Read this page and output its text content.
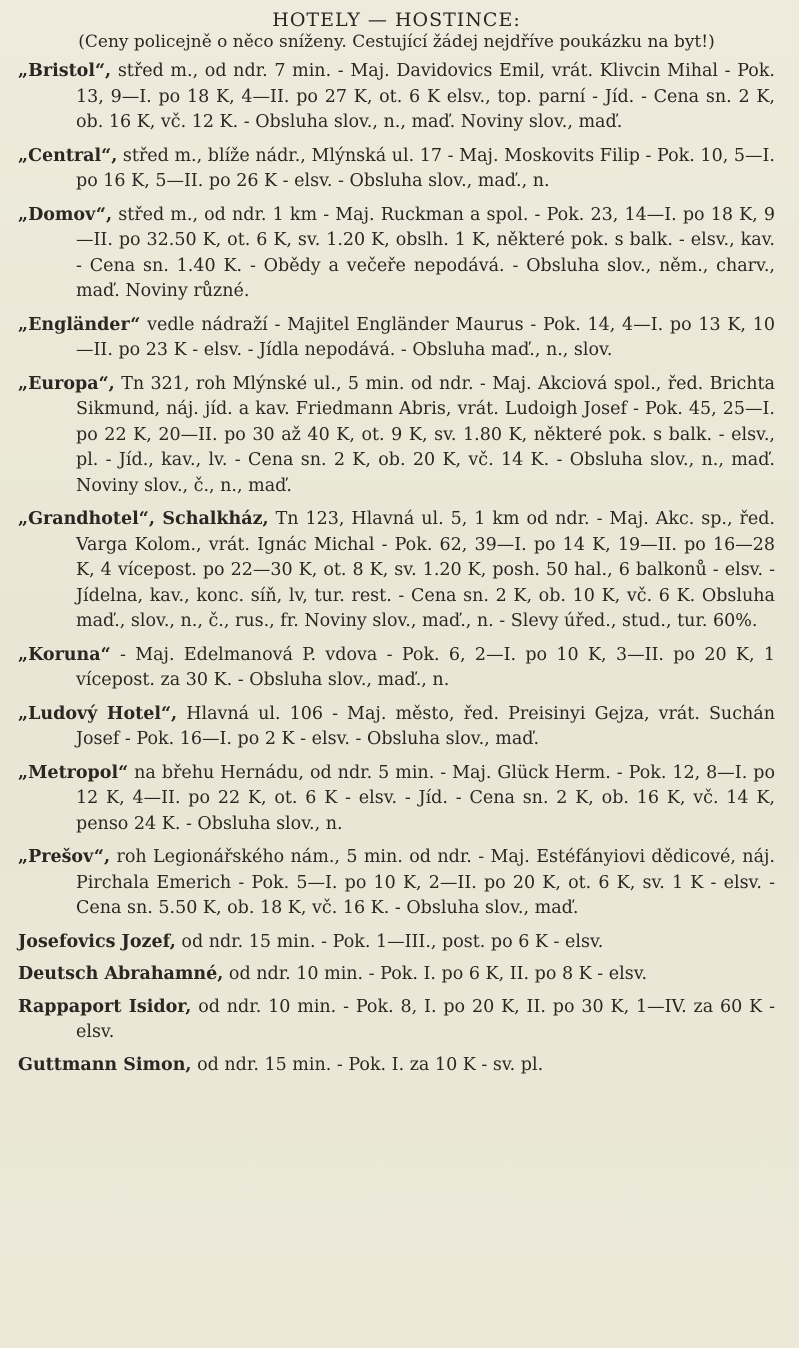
HOTELY — HOSTINCE:

(Ceny policejně o něco sníženy. Cestující žádej nejdříve poukázku na byt!)

„Bristol“, střed m., od ndr. 7 min. - Maj. Davidovics Emil, vrát. Klivcin Mihal - Pok. 13, 9—I. po 18 K, 4—II. po 27 K, ot. 6 K elsv., top. parní - Jíd. - Cena sn. 2 K, ob. 16 K, vč. 12 K. - Obsluha slov., n., maď. Noviny slov., maď.

„Central“, střed m., blíže nádr., Mlýnská ul. 17 - Maj. Moskovits Filip - Pok. 10, 5—I. po 16 K, 5—II. po 26 K - elsv. - Obsluha slov., maď., n.

„Domov“, střed m., od ndr. 1 km - Maj. Ruckman a spol. - Pok. 23, 14—I. po 18 K, 9—II. po 32.50 K, ot. 6 K, sv. 1.20 K, obslh. 1 K, některé pok. s balk. - elsv., kav. - Cena sn. 1.40 K. - Obědy a večeře nepodává. - Obsluha slov., něm., charv., maď. Noviny různé.

„Engländer“ vedle nádraží - Majitel Engländer Maurus - Pok. 14, 4—I. po 13 K, 10—II. po 23 K - elsv. - Jídla nepodává. - Obsluha maď., n., slov.

„Europa“, Tn 321, roh Mlýnské ul., 5 min. od ndr. - Maj. Akciová spol., řed. Brichta Sikmund, náj. jíd. a kav. Friedmann Abris, vrát. Ludoigh Josef - Pok. 45, 25—I. po 22 K, 20—II. po 30 až 40 K, ot. 9 K, sv. 1.80 K, některé pok. s balk. - elsv., pl. - Jíd., kav., lv. - Cena sn. 2 K, ob. 20 K, vč. 14 K. - Obsluha slov., n., maď. Noviny slov., č., n., maď.

„Grandhotel“, Schalkház, Tn 123, Hlavná ul. 5, 1 km od ndr. - Maj. Akc. sp., řed. Varga Kolom., vrát. Ignác Michal - Pok. 62, 39—I. po 14 K, 19—II. po 16—28 K, 4 vícepost. po 22—30 K, ot. 8 K, sv. 1.20 K, posh. 50 hal., 6 balkonů - elsv. - Jídelna, kav., konc. síň, lv, tur. rest. - Cena sn. 2 K, ob. 10 K, vč. 6 K. Obsluha maď., slov., n., č., rus., fr. Noviny slov., maď., n. - Slevy úřed., stud., tur. 60%.

„Koruna“ - Maj. Edelmanová P. vdova - Pok. 6, 2—I. po 10 K, 3—II. po 20 K, 1 vícepost. za 30 K. - Obsluha slov., maď., n.

„Ludový Hotel“, Hlavná ul. 106 - Maj. město, řed. Preisinyi Gejza, vrát. Suchán Josef - Pok. 16—I. po 2 K - elsv. - Obsluha slov., maď.

„Metropol“ na břehu Hernádu, od ndr. 5 min. - Maj. Glück Herm. - Pok. 12, 8—I. po 12 K, 4—II. po 22 K, ot. 6 K - elsv. - Jíd. - Cena sn. 2 K, ob. 16 K, vč. 14 K, penso 24 K. - Obsluha slov., n.

„Prešov“, roh Legionářského nám., 5 min. od ndr. - Maj. Estéfányiovi dědicové, náj. Pirchala Emerich - Pok. 5—I. po 10 K, 2—II. po 20 K, ot. 6 K, sv. 1 K - elsv. - Cena sn. 5.50 K, ob. 18 K, vč. 16 K. - Obsluha slov., maď.

Josefovics Jozef, od ndr. 15 min. - Pok. 1—III., post. po 6 K - elsv.

Deutsch Abrahamné, od ndr. 10 min. - Pok. I. po 6 K, II. po 8 K - elsv.

Rappaport Isidor, od ndr. 10 min. - Pok. 8, I. po 20 K, II. po 30 K, 1—IV. za 60 K - elsv.

Guttmann Simon, od ndr. 15 min. - Pok. I. za 10 K - sv. pl.
